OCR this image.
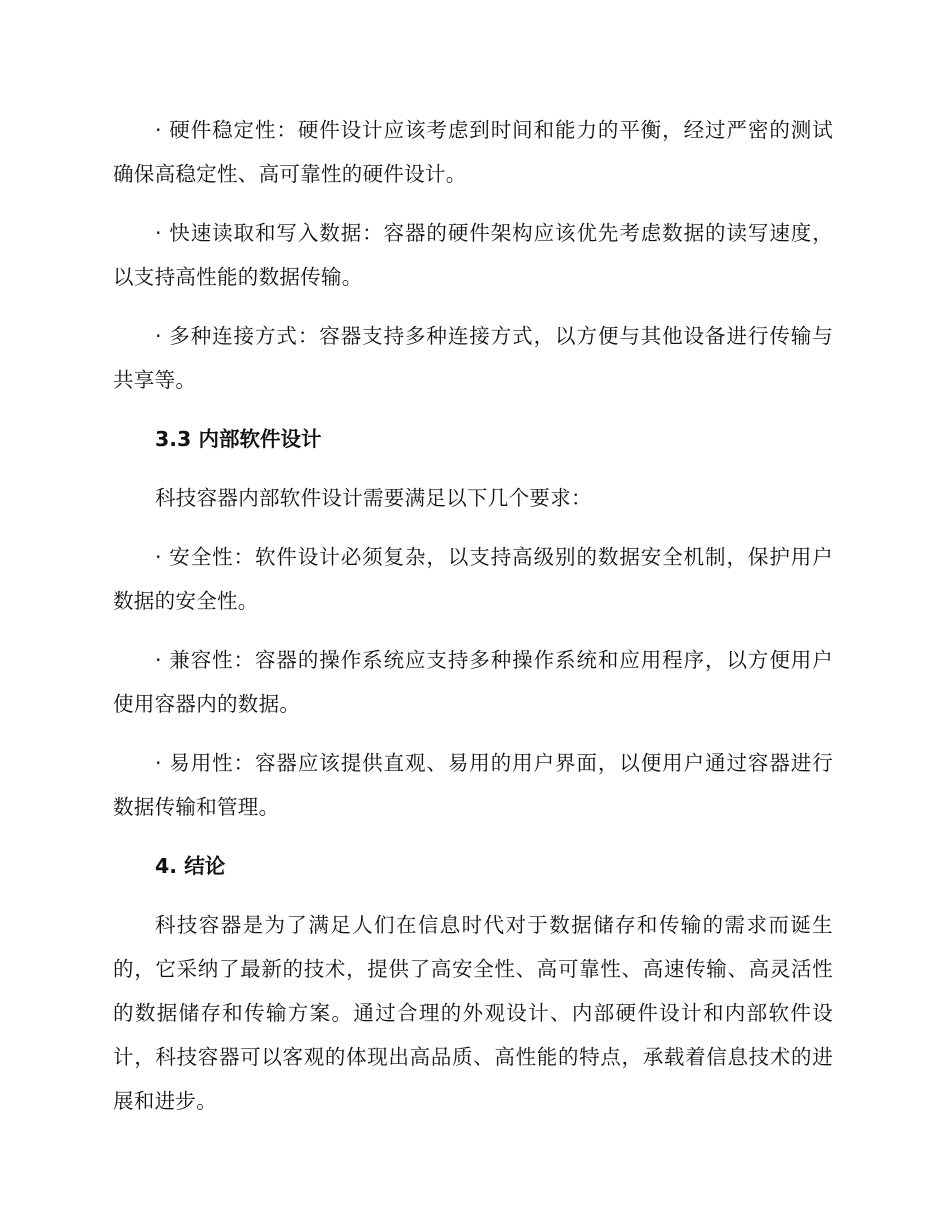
· 硬件稳定性：硬件设计应该考虑到时间和能力的平衡，经过严密的测试确保高稳定性、高可靠性的硬件设计。

· 快速读取和写入数据：容器的硬件架构应该优先考虑数据的读写速度，以支持高性能的数据传输。

· 多种连接方式：容器支持多种连接方式，以方便与其他设备进行传输与共享等。

3.3 内部软件设计

科技容器内部软件设计需要满足以下几个要求：

· 安全性：软件设计必须复杂，以支持高级别的数据安全机制，保护用户数据的安全性。

· 兼容性：容器的操作系统应支持多种操作系统和应用程序，以方便用户使用容器内的数据。

· 易用性：容器应该提供直观、易用的用户界面，以便用户通过容器进行数据传输和管理。

4. 结论

科技容器是为了满足人们在信息时代对于数据储存和传输的需求而诞生的，它采纳了最新的技术，提供了高安全性、高可靠性、高速传输、高灵活性的数据储存和传输方案。通过合理的外观设计、内部硬件设计和内部软件设计，科技容器可以客观的体现出高品质、高性能的特点，承载着信息技术的进展和进步。
